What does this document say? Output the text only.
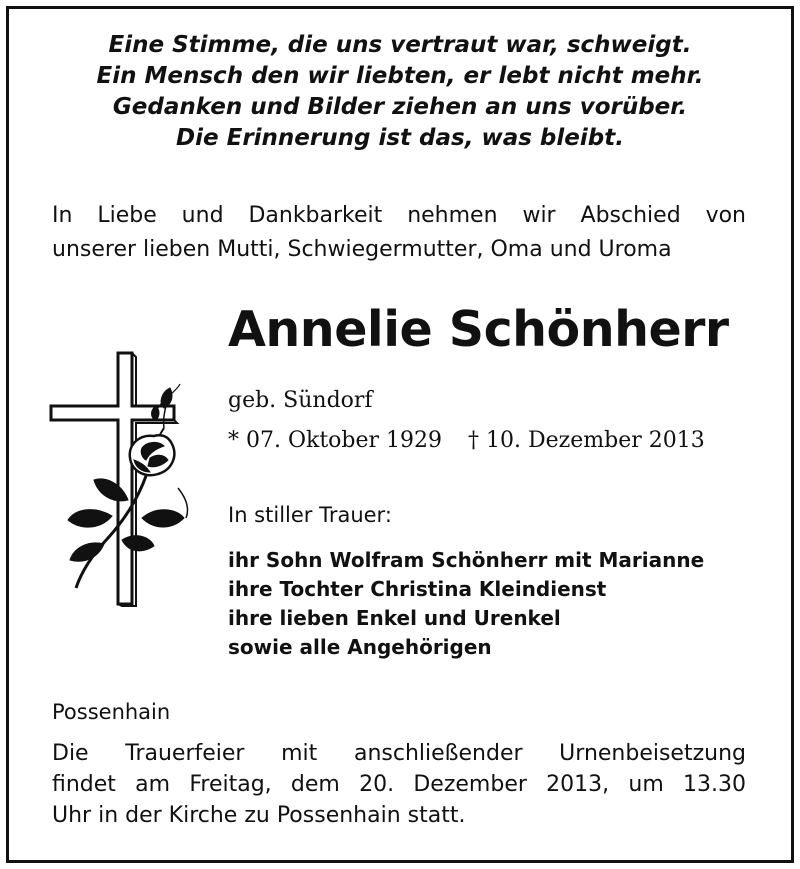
Eine Stimme, die uns vertraut war, schweigt.
Ein Mensch den wir liebten, er lebt nicht mehr.
Gedanken und Bilder ziehen an uns vorüber.
Die Erinnerung ist das, was bleibt.

In Liebe und Dankbarkeit nehmen wir Abschied von
unserer lieben Mutti, Schwiegermutter, Oma und Uroma

Annelie Schönherr

geb. Sündorf

* 07. Oktober 1929 † 10. Dezember 2013

In stiller Trauer:

ihr Sohn Wolfram Schönherr mit Marianne
ihre Tochter Christina Kleindienst
ihre lieben Enkel und Urenkel
sowie alle Angehörigen

Possenhain

Die Trauerfeier mit anschließender Urnenbeisetzung
findet am Freitag, dem 20. Dezember 2013, um 13.30
Uhr in der Kirche zu Possenhain statt.
